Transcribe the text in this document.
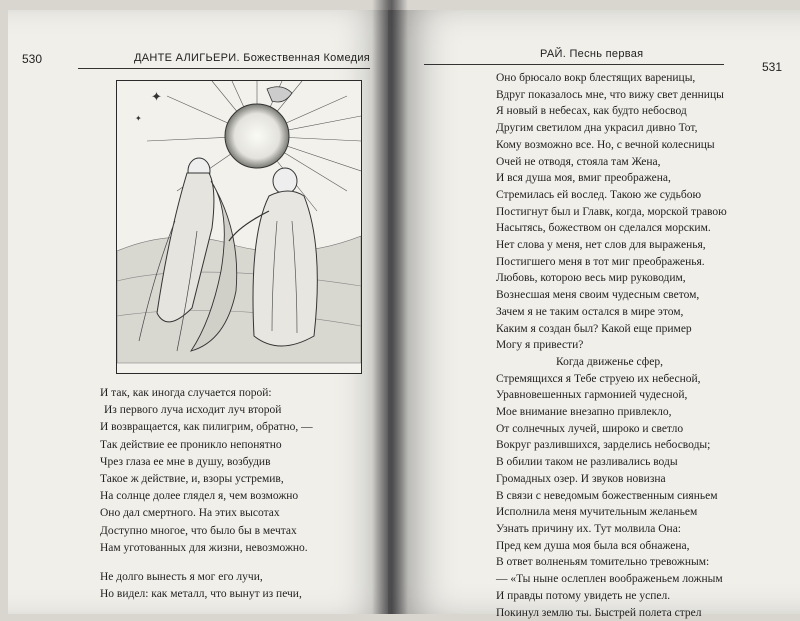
530	ДАНТЕ АЛИГЬЕРИ. Божественная Комедия
✦
✦
И так, как иногда случается порой:
Из первого луча исходит луч второй
И возвращается, как пилигрим, обратно, —
Так действие ее проникло непонятно
Чрез глаза ее мне в душу, возбудив
Такое ж действие, и, взоры устремив,
На солнце долее глядел я, чем возможно
Оно дал смертного. На этих высотах
Доступно многое, что было бы в мечтах
Нам уготованных для жизни, невозможно.
Не долго вынесть я мог его лучи,
Но видел: как металл, что вынут из печи,
РАЙ. Песнь первая
531
Оно брюсало вокр блестящих вареницы,
Вдруг показалось мне, что вижу свет денницы
Я новый в небесах, как будто небосвод
Другим светилом дна украсил дивно Тот,
Кому возможно все. Но, с вечной колесницы
Очей не отводя, стояла там Жена,
И вся душа моя, вмиг преображена,
Стремилась ей вослед. Такою же судьбою
Постигнут был и Главк, когда, морской травою
Насытясь, божеством он сделался морским.
Нет слова у меня, нет слов для выраженья,
Постигшего меня в тот миг преображенья.
Любовь, которою весь мир руководим,
Вознесшая меня своим чудесным светом,
Зачем я не таким остался в мире этом,
Каким я создан был? Какой еще пример
Могу я привести?
Когда движенье сфер,
Стремящихся я Тебе струею их небесной,
Уравновешенных гармонией чудесной,
Мое внимание внезапно привлекло,
От солнечных лучей, широко и светло
Вокруг разлившихся, зарделись небосводы;
В обилии таком не разливались воды
Громадных озер. И звуков новизна
В связи с неведомым божественным сияньем
Исполнила меня мучительным желаньем
Узнать причину их. Тут молвила Она:
Пред кем душа моя была вся обнажена,
В ответ волненьям томительно тревожным:
— «Ты ныне ослеплен воображеньем ложным
И правды потому увидеть не успел.
Покинул землю ты. Быстрей полета стрел
